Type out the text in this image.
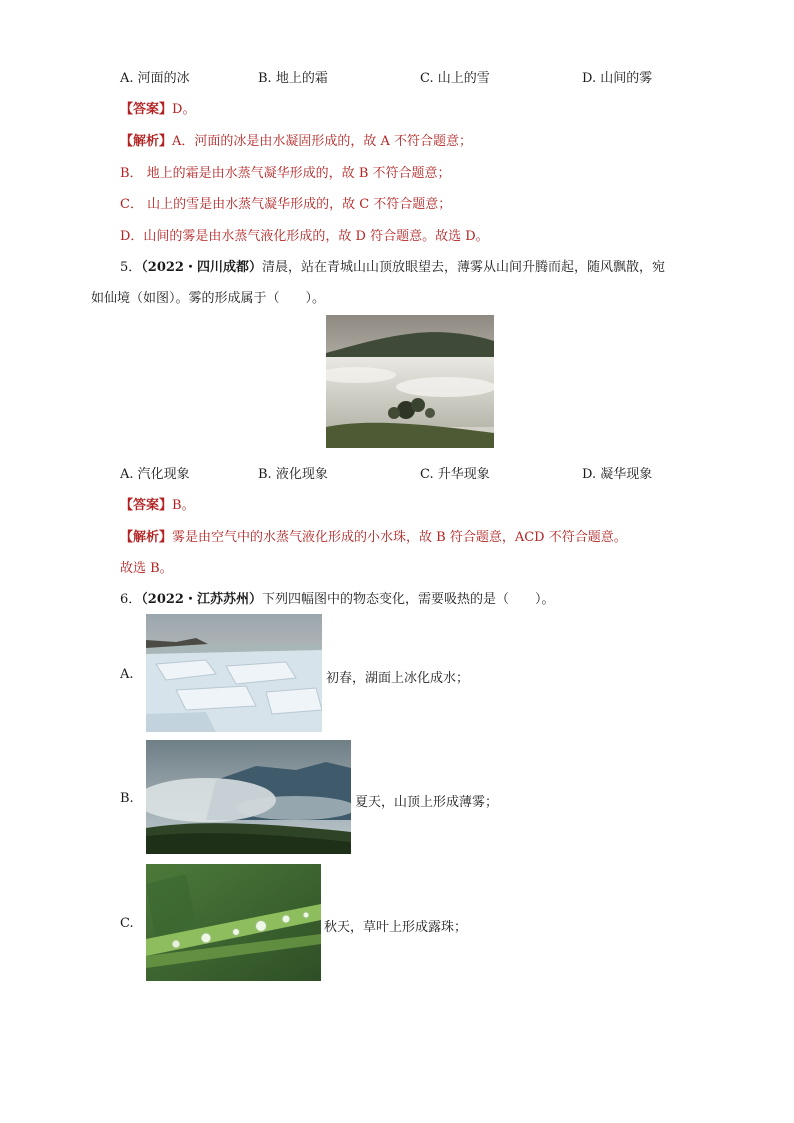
A. 河面的冰	B. 地上的霜	C. 山上的雪	D. 山间的雾
【答案】D。
【解析】A．河面的冰是由水凝固形成的，故 A 不符合题意；
B． 地上的霜是由水蒸气凝华形成的，故 B 不符合题意；
C． 山上的雪是由水蒸气凝华形成的，故 C 不符合题意；
D．山间的雾是由水蒸气液化形成的，故 D 符合题意。故选 D。
5．（2022・四川成都）清晨，站在青城山山顶放眼望去，薄雾从山间升腾而起，随风飘散，宛
如仙境（如图）。雾的形成属于（　　）。
A. 汽化现象	B. 液化现象	C. 升华现象	D. 凝华现象
【答案】B。
【解析】雾是由空气中的水蒸气液化形成的小水珠，故 B 符合题意，ACD 不符合题意。
故选 B。
6．（2022・江苏苏州）下列四幅图中的物态变化，需要吸热的是（　　）。
A.	初春，湖面上冰化成水；
B.	夏天，山顶上形成薄雾；
C.	秋天，草叶上形成露珠；
